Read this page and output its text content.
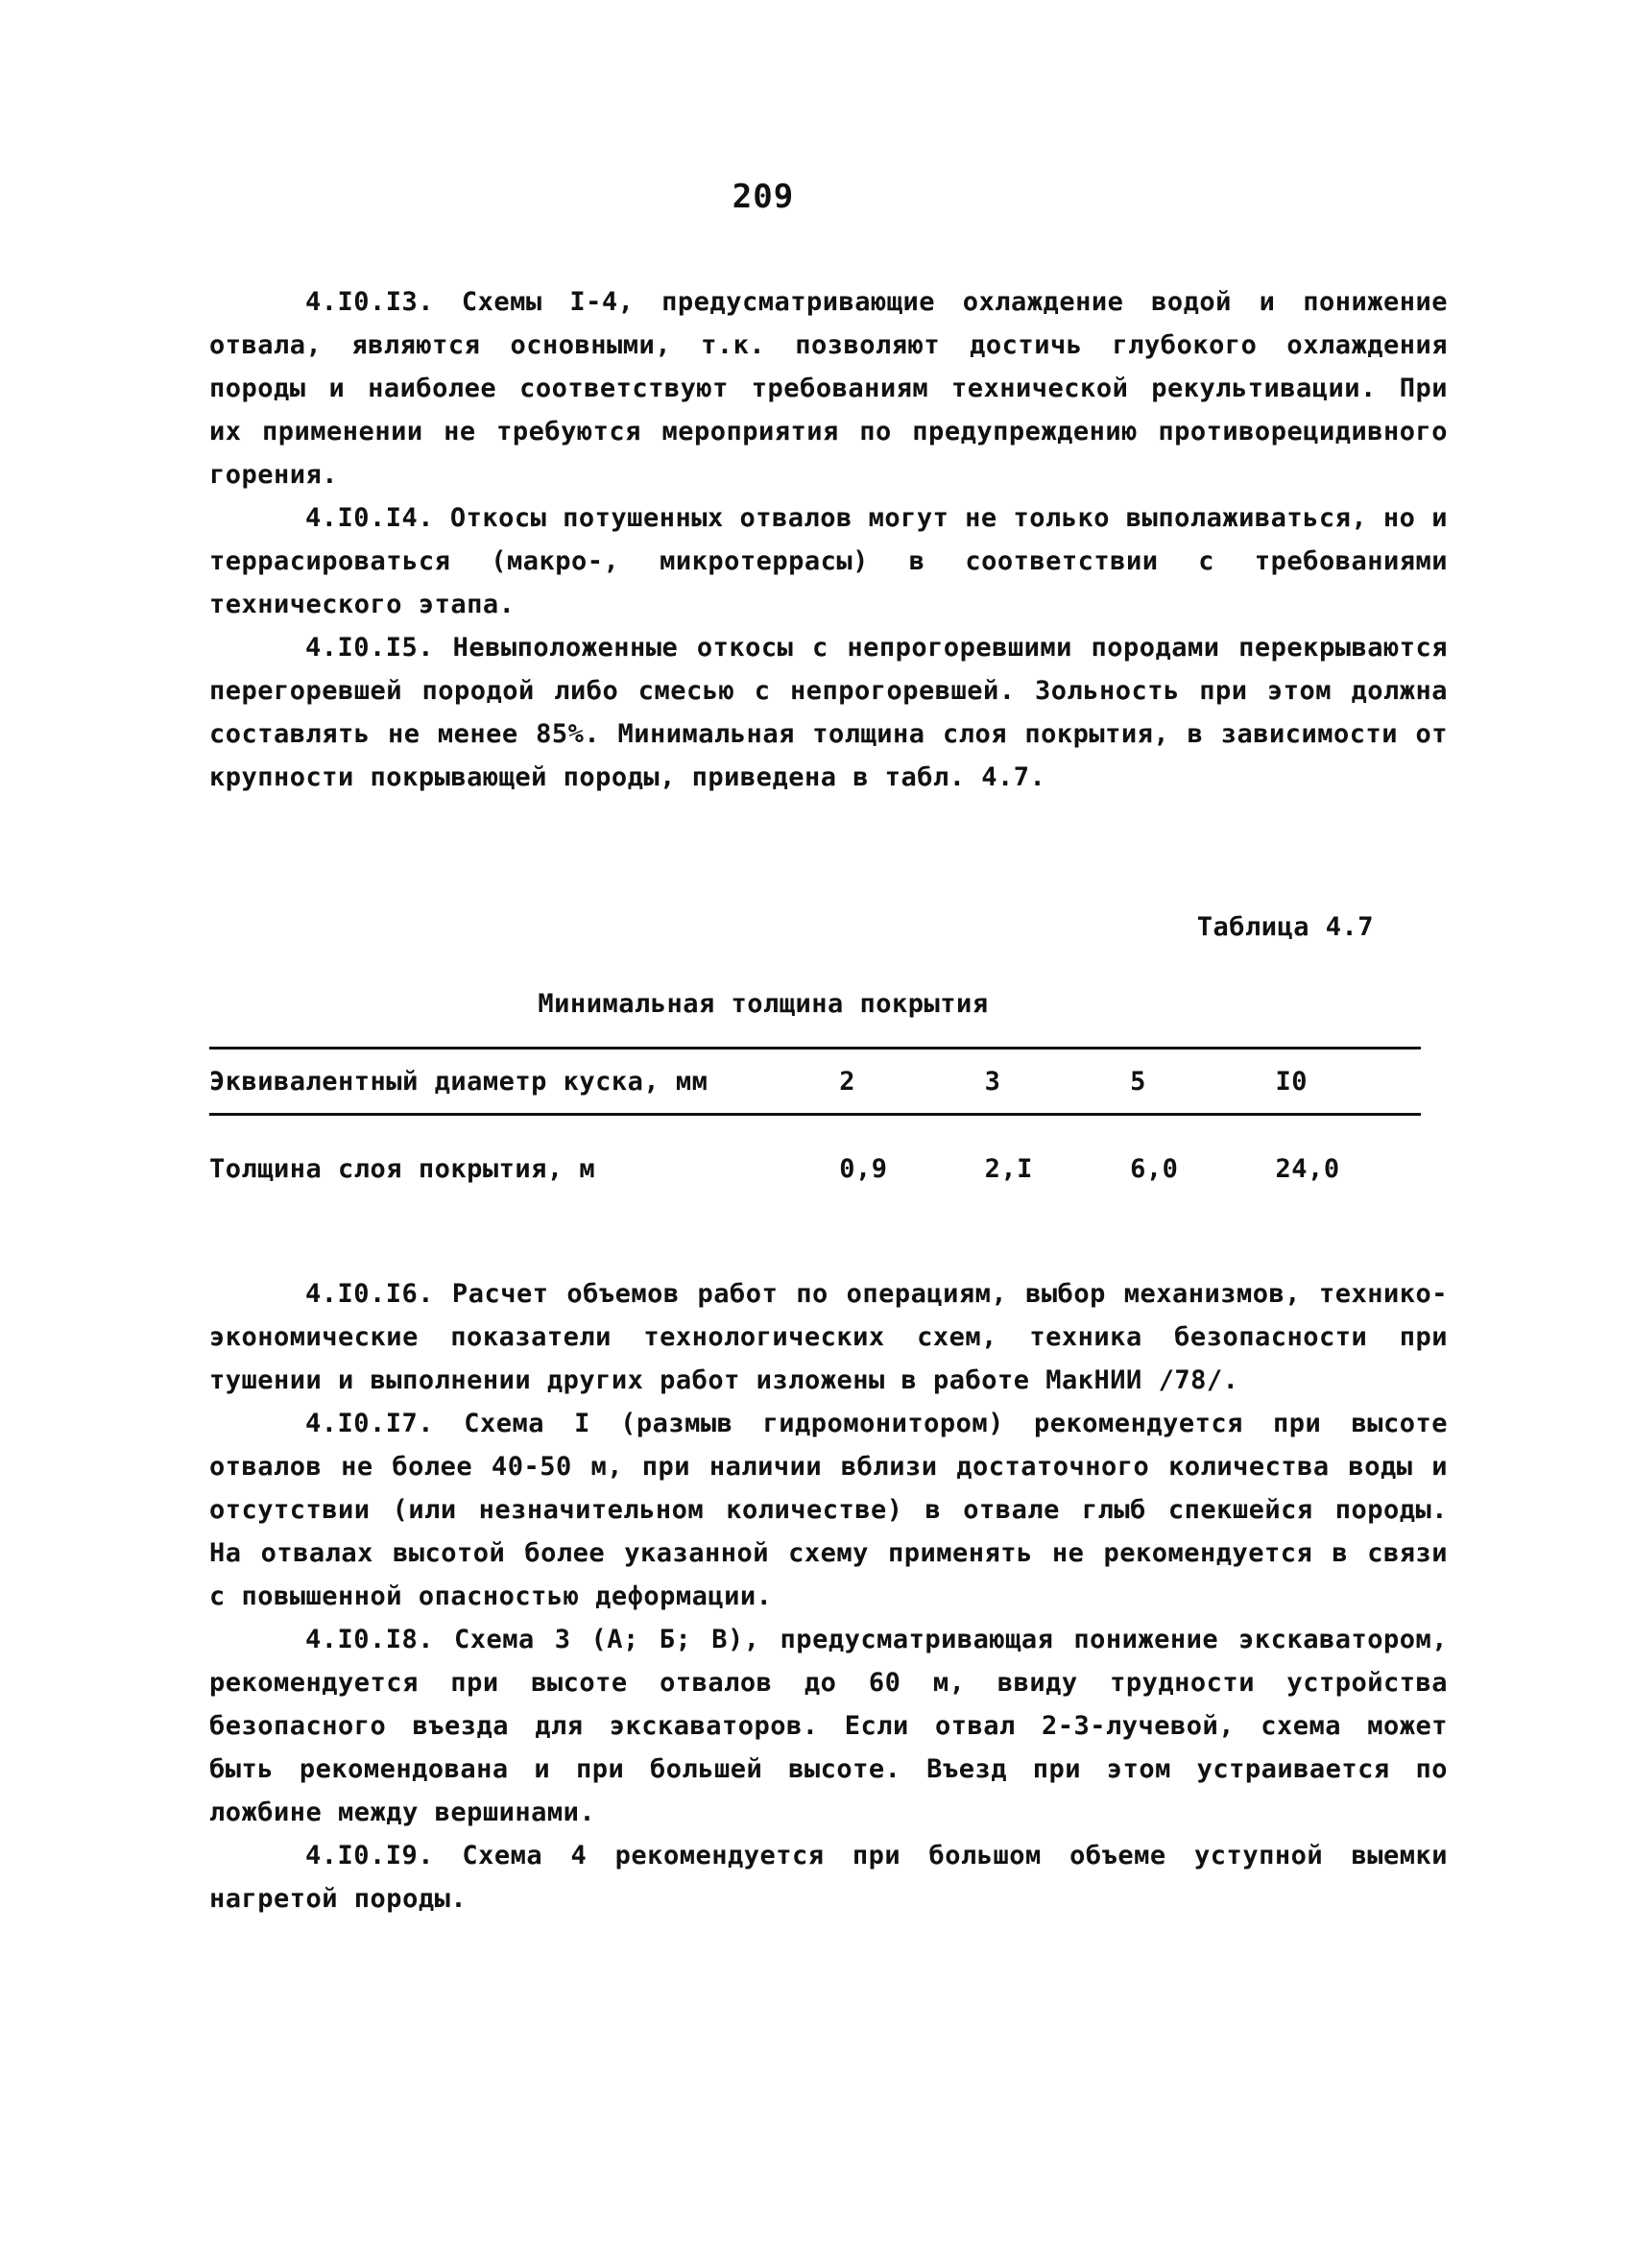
209

4.I0.I3. Схемы I-4, предусматривающие охлаждение водой и понижение отвала, являются основными, т.к. позволяют достичь глубокого охлаждения породы и наиболее соответствуют требованиям технической рекультивации. При их применении не требуются мероприятия по предупреждению противорецидивного горения.

4.I0.I4. Откосы потушенных отвалов могут не только выполаживаться, но и террасироваться (макро-, микротеррасы) в соответствии с требованиями технического этапа.

4.I0.I5. Невыположенные откосы с непрогоревшими породами перекрываются перегоревшей породой либо смесью с непрогоревшей. Зольность при этом должна составлять не менее 85%. Минимальная толщина слоя покрытия, в зависимости от крупности покрывающей породы, приведена в табл. 4.7.

Таблица 4.7
Минимальная толщина покрытия
Эквивалентный диаметр куска, мм	2	3	5	I0
Толщина слоя покрытия, м	0,9	2,I	6,0	24,0

4.I0.I6. Расчет объемов работ по операциям, выбор механизмов, технико-экономические показатели технологических схем, техника безопасности при тушении и выполнении других работ изложены в работе МакНИИ /78/.

4.I0.I7. Схема I (размыв гидромонитором) рекомендуется при высоте отвалов не более 40-50 м, при наличии вблизи достаточного количества воды и отсутствии (или незначительном количестве) в отвале глыб спекшейся породы. На отвалах высотой более указанной схему применять не рекомендуется в связи с повышенной опасностью деформации.

4.I0.I8. Схема 3 (А; Б; В), предусматривающая понижение экскаватором, рекомендуется при высоте отвалов до 60 м, ввиду трудности устройства безопасного въезда для экскаваторов. Если отвал 2-3-лучевой, схема может быть рекомендована и при большей высоте. Въезд при этом устраивается по ложбине между вершинами.

4.I0.I9. Схема 4 рекомендуется при большом объеме уступной выемки нагретой породы.
